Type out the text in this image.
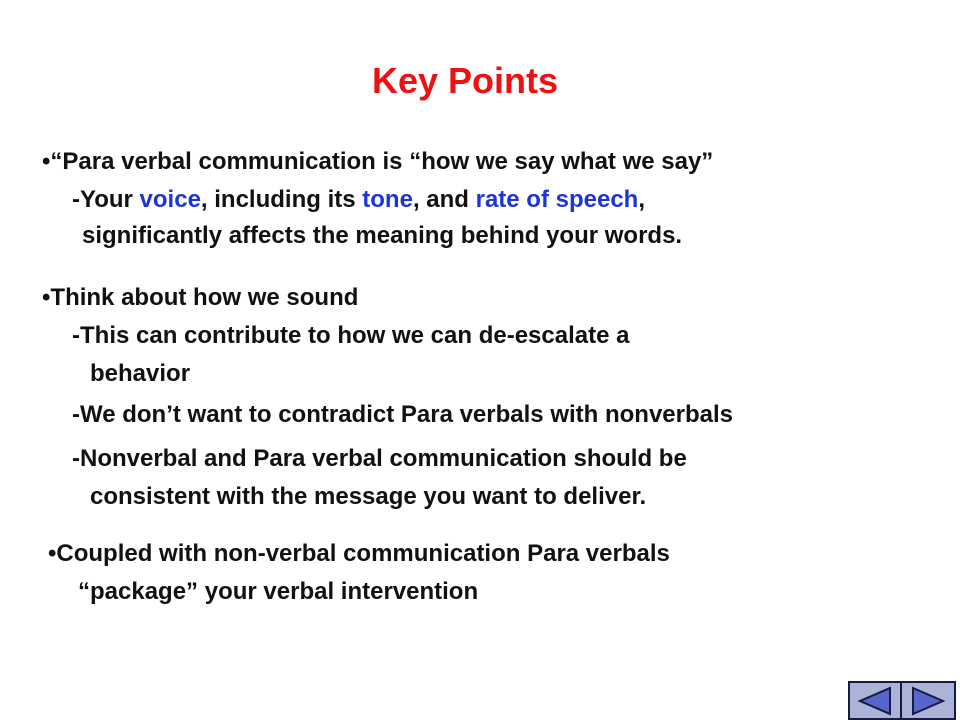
Key Points
•“Para verbal communication is “how we say what we say”
-Your voice, including its tone, and rate of speech,
significantly affects the meaning behind your words.
•Think about how we sound
-This can contribute to how we can de-escalate a
behavior
-We don’t want to contradict Para verbals with nonverbals
-Nonverbal and Para verbal communication should be
consistent with the message you want to deliver.
•Coupled with non-verbal communication Para verbals
“package” your verbal intervention
